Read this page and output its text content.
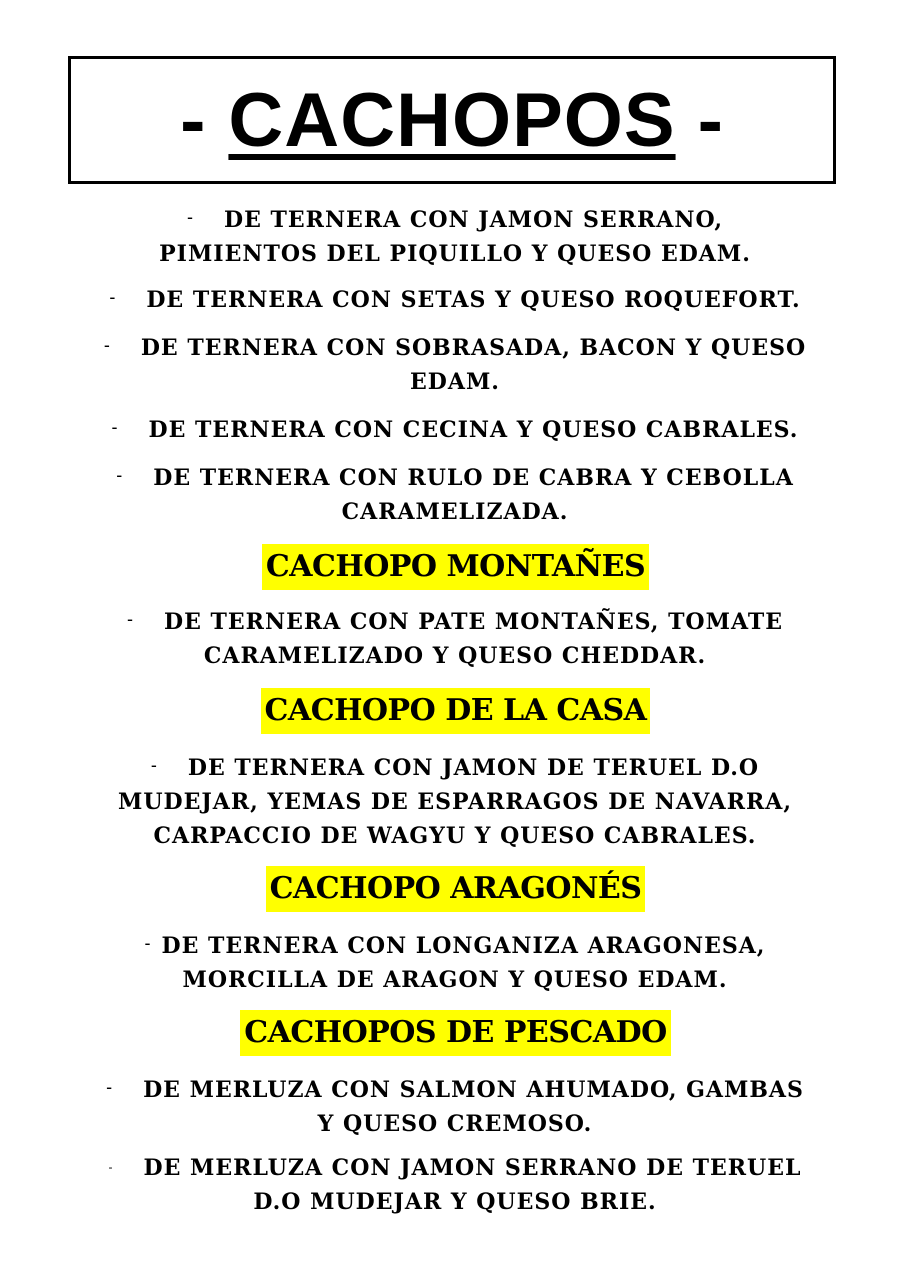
- CACHOPOS -
- DE TERNERA CON JAMON SERRANO,
PIMIENTOS DEL PIQUILLO Y QUESO EDAM.
- DE TERNERA CON SETAS Y QUESO ROQUEFORT.
- DE TERNERA CON SOBRASADA, BACON Y QUESO
EDAM.
- DE TERNERA CON CECINA Y QUESO CABRALES.
- DE TERNERA CON RULO DE CABRA Y CEBOLLA
CARAMELIZADA.
CACHOPO MONTAÑES
- DE TERNERA CON PATE MONTAÑES, TOMATE
CARAMELIZADO Y QUESO CHEDDAR.
CACHOPO DE LA CASA
- DE TERNERA CON JAMON DE TERUEL D.O
MUDEJAR, YEMAS DE ESPARRAGOS DE NAVARRA,
CARPACCIO DE WAGYU Y QUESO CABRALES.
CACHOPO ARAGONÉS
- DE TERNERA CON LONGANIZA ARAGONESA,
MORCILLA DE ARAGON Y QUESO EDAM.
CACHOPOS DE PESCADO
- DE MERLUZA CON SALMON AHUMADO, GAMBAS
Y QUESO CREMOSO.
- DE MERLUZA CON JAMON SERRANO DE TERUEL
D.O MUDEJAR Y QUESO BRIE.
